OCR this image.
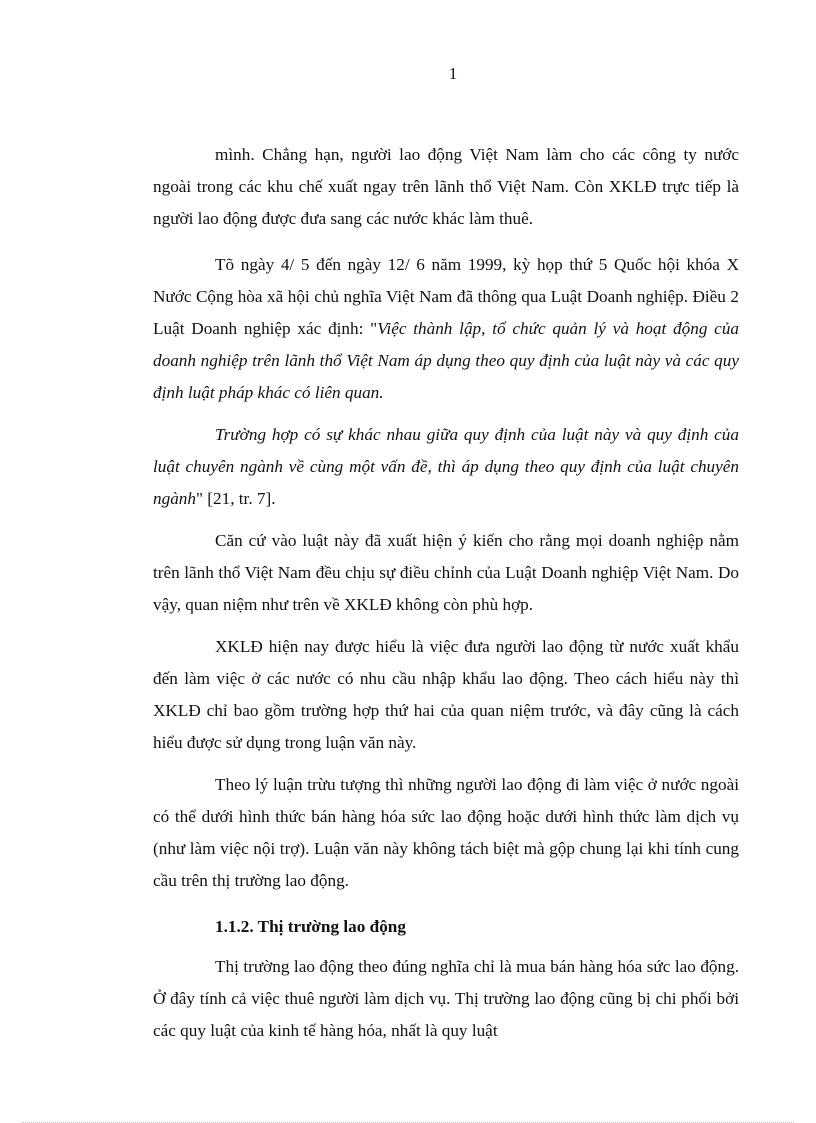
1

mình. Chẳng hạn, người lao động Việt Nam làm cho các công ty nước ngoài trong các khu chế xuất ngay trên lãnh thổ Việt Nam. Còn XKLĐ trực tiếp là người lao động được đưa sang các nước khác làm thuê.

Tõ ngày 4/ 5 đến ngày 12/ 6 năm 1999, kỳ họp thứ 5 Quốc hội khóa X Nước Cộng hòa xã hội chủ nghĩa Việt Nam đã thông qua Luật Doanh nghiệp. Điều 2 Luật Doanh nghiệp xác định: "Việc thành lập, tổ chức quản lý và hoạt động của doanh nghiệp trên lãnh thổ Việt Nam áp dụng theo quy định của luật này và các quy định luật pháp khác có liên quan.

Trường hợp có sự khác nhau giữa quy định của luật này và quy định của luật chuyên ngành về cùng một vấn đề, thì áp dụng theo quy định của luật chuyên ngành" [21, tr. 7].

Căn cứ vào luật này đã xuất hiện ý kiến cho rằng mọi doanh nghiệp nằm trên lãnh thổ Việt Nam đều chịu sự điều chỉnh của Luật Doanh nghiệp Việt Nam. Do vậy, quan niệm như trên về XKLĐ không còn phù hợp.

XKLĐ hiện nay được hiểu là việc đưa người lao động từ nước xuất khẩu đến làm việc ở các nước có nhu cầu nhập khẩu lao động. Theo cách hiểu này thì XKLĐ chỉ bao gồm trường hợp thứ hai của quan niệm trước, và đây cũng là cách hiểu được sử dụng trong luận văn này.

Theo lý luận trừu tượng thì những người lao động đi làm việc ở nước ngoài có thể dưới hình thức bán hàng hóa sức lao động hoặc dưới hình thức làm dịch vụ (như làm việc nội trợ). Luận văn này không tách biệt mà gộp chung lại khi tính cung cầu trên thị trường lao động.

1.1.2. Thị trường lao động

Thị trường lao động theo đúng nghĩa chỉ là mua bán hàng hóa sức lao động. Ở đây tính cả việc thuê người làm dịch vụ. Thị trường lao động cũng bị chi phối bởi các quy luật của kinh tế hàng hóa, nhất là quy luật
